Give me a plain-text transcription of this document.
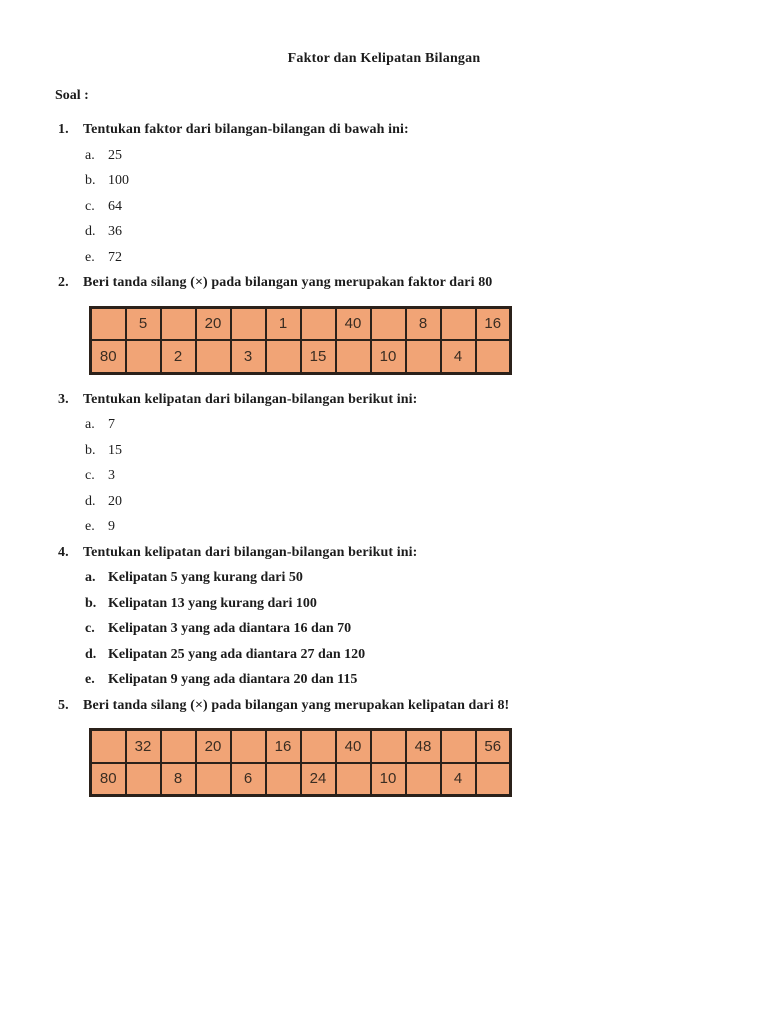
Faktor dan Kelipatan Bilangan
Soal :
1.	Tentukan faktor dari bilangan-bilangan di bawah ini:
a. 25
b. 100
c. 64
d. 36
e. 72
2.	Beri tanda silang (×) pada bilangan yang merupakan faktor dari 80
	5		20		1		40		8		16
80		2		3		15		10		4	
3.	Tentukan kelipatan dari bilangan-bilangan berikut ini:
a. 7
b. 15
c. 3
d. 20
e. 9
4.	Tentukan kelipatan dari bilangan-bilangan berikut ini:
a. Kelipatan 5 yang kurang dari 50
b. Kelipatan 13 yang kurang dari 100
c. Kelipatan 3 yang ada diantara 16 dan 70
d. Kelipatan 25 yang ada diantara 27 dan 120
e. Kelipatan 9 yang ada diantara 20 dan 115
5.	Beri tanda silang (×) pada bilangan yang merupakan kelipatan dari 8!
	32		20		16		40		48		56
80		8		6		24		10		4	
